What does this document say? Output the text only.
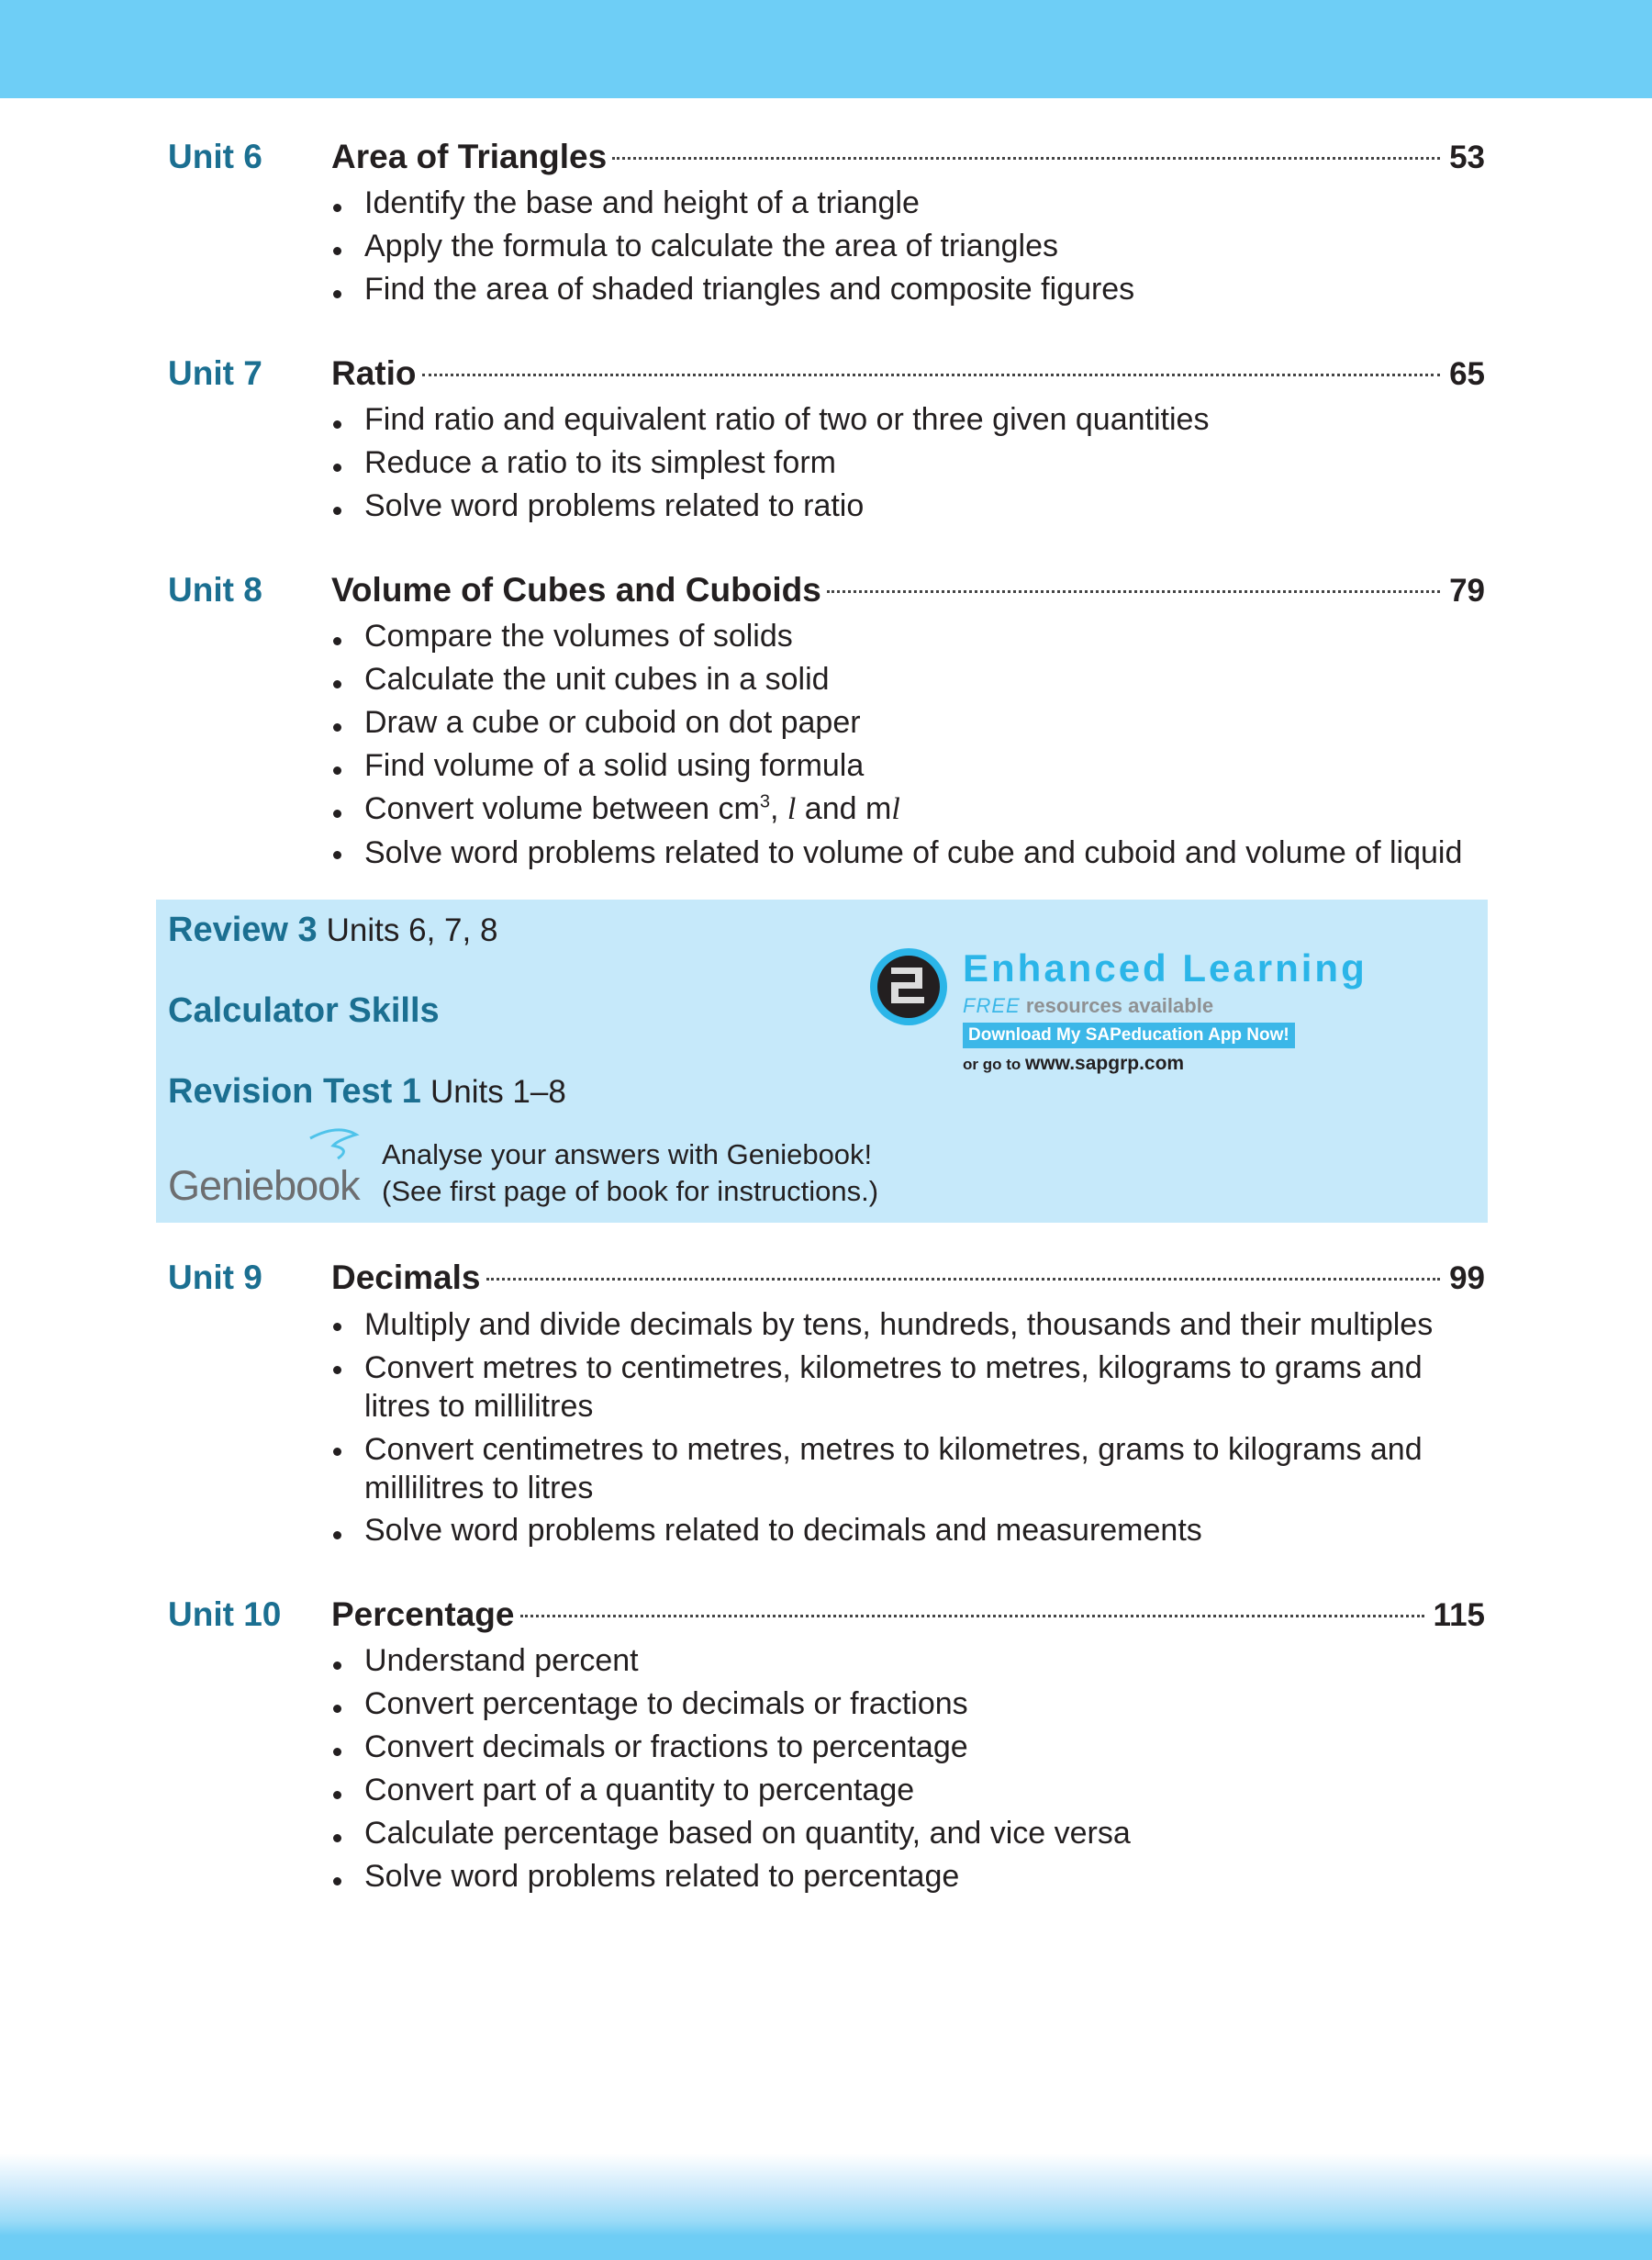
Unit 6	Area of Triangles	53
Identify the base and height of a triangle
Apply the formula to calculate the area of triangles
Find the area of shaded triangles and composite figures
Unit 7	Ratio	65
Find ratio and equivalent ratio of two or three given quantities
Reduce a ratio to its simplest form
Solve word problems related to ratio
Unit 8	Volume of Cubes and Cuboids	79
Compare the volumes of solids
Calculate the unit cubes in a solid
Draw a cube or cuboid on dot paper
Find volume of a solid using formula
Convert volume between $cm^3$, l and ml
Solve word problems related to volume of cube and cuboid and volume of liquid
Review 3 Units 6, 7, 8
Calculator Skills
Revision Test 1 Units 1–8
Geniebook
Analyse your answers with Geniebook!
(See first page of book for instructions.)
Enhanced Learning
FREE resources available
Download My SAPeducation App Now!
or go to www.sapgrp.com
Unit 9	Decimals	99
Multiply and divide decimals by tens, hundreds, thousands and their multiples
Convert metres to centimetres, kilometres to metres, kilograms to grams and litres to millilitres
Convert centimetres to metres, metres to kilometres, grams to kilograms and millilitres to litres
Solve word problems related to decimals and measurements
Unit 10	Percentage	115
Understand percent
Convert percentage to decimals or fractions
Convert decimals or fractions to percentage
Convert part of a quantity to percentage
Calculate percentage based on quantity, and vice versa
Solve word problems related to percentage
